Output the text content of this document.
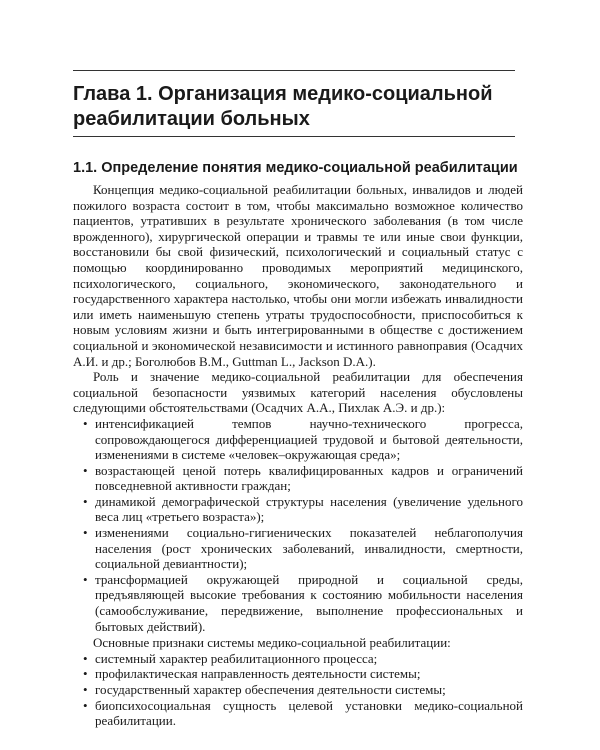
Глава 1. Организация медико-социальной реабилитации больных
1.1. Определение понятия медико-социальной реабилитации

Концепция медико-социальной реабилитации больных, инвалидов и людей пожилого возраста состоит в том, чтобы максимально возможное количество пациентов, утративших в результате хронического заболевания (в том числе врожденного), хирургической операции и травмы те или иные свои функции, восстановили бы свой физический, психологический и социальный статус с помощью координированно проводимых мероприятий медицинского, психологического, социального, экономического, законодательного и государственного характера настолько, чтобы они могли избежать инвалидности или иметь наименьшую степень утраты трудоспособности, приспособиться к новым условиям жизни и быть интегрированными в обществе с достижением социальной и экономической независимости и истинного равноправия (Осадчих А.И. и др.; Боголюбов В.М., Guttman L., Jackson D.A.).

Роль и значение медико-социальной реабилитации для обеспечения социальной безопасности уязвимых категорий населения обусловлены следующими обстоятельствами (Осадчих А.А., Пихлак А.Э. и др.):

• интенсификацией темпов научно-технического прогресса, сопровождающегося дифференциацией трудовой и бытовой деятельности, изменениями в системе «человек–окружающая среда»;
• возрастающей ценой потерь квалифицированных кадров и ограничений повседневной активности граждан;
• динамикой демографической структуры населения (увеличение удельного веса лиц «третьего возраста»);
• изменениями социально-гигиенических показателей неблагополучия населения (рост хронических заболеваний, инвалидности, смертности, социальной девиантности);
• трансформацией окружающей природной и социальной среды, предъявляющей высокие требования к состоянию мобильности населения (самообслуживание, передвижение, выполнение профессиональных и бытовых действий).

Основные признаки системы медико-социальной реабилитации:

• системный характер реабилитационного процесса;
• профилактическая направленность деятельности системы;
• государственный характер обеспечения деятельности системы;
• биопсихосоциальная сущность целевой установки медико-социальной реабилитации.
